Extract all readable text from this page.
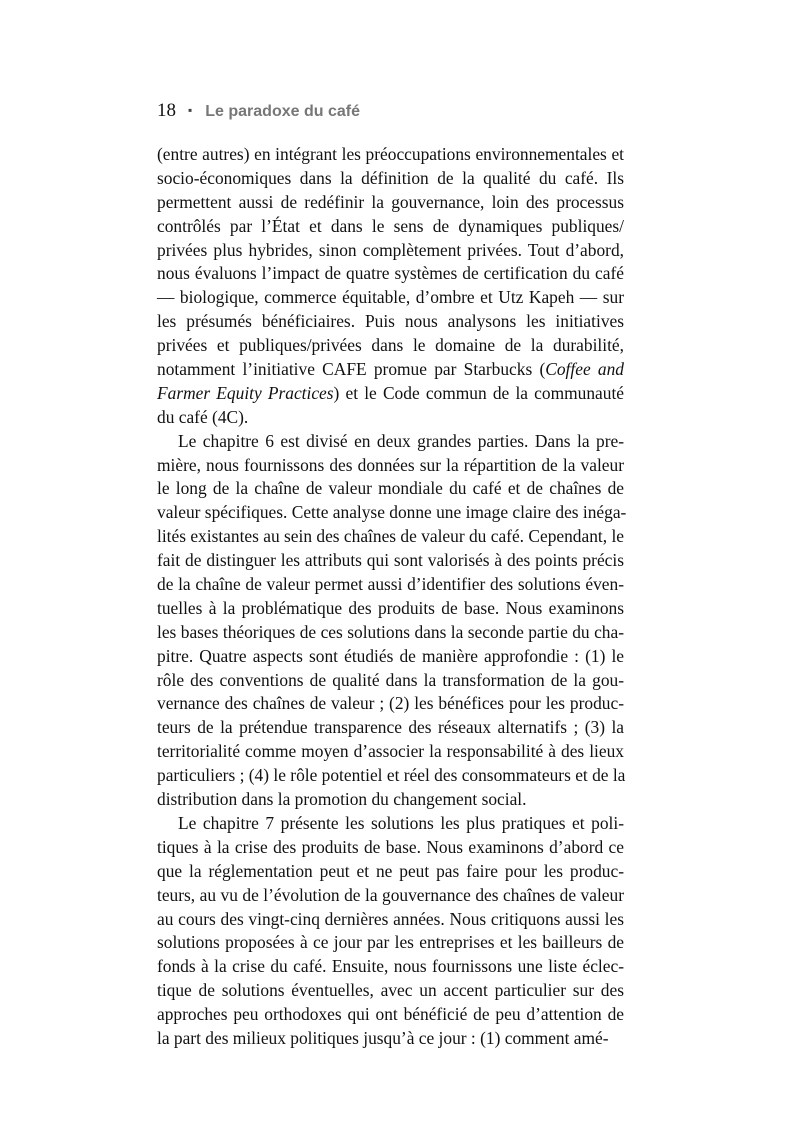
18 ▪ Le paradoxe du café
(entre autres) en intégrant les préoccupations environnementales et
socio-économiques dans la définition de la qualité du café. Ils
permettent aussi de redéfinir la gouvernance, loin des processus
contrôlés par l’État et dans le sens de dynamiques publiques/
privées plus hybrides, sinon complètement privées. Tout d’abord,
nous évaluons l’impact de quatre systèmes de certification du café
— biologique, commerce équitable, d’ombre et Utz Kapeh — sur
les présumés bénéficiaires. Puis nous analysons les initiatives
privées et publiques/privées dans le domaine de la durabilité,
notamment l’initiative CAFE promue par Starbucks (Coffee and
Farmer Equity Practices) et le Code commun de la communauté
du café (4C).
Le chapitre 6 est divisé en deux grandes parties. Dans la pre-
mière, nous fournissons des données sur la répartition de la valeur
le long de la chaîne de valeur mondiale du café et de chaînes de
valeur spécifiques. Cette analyse donne une image claire des inéga-
lités existantes au sein des chaînes de valeur du café. Cependant, le
fait de distinguer les attributs qui sont valorisés à des points précis
de la chaîne de valeur permet aussi d’identifier des solutions éven-
tuelles à la problématique des produits de base. Nous examinons
les bases théoriques de ces solutions dans la seconde partie du cha-
pitre. Quatre aspects sont étudiés de manière approfondie : (1) le
rôle des conventions de qualité dans la transformation de la gou-
vernance des chaînes de valeur ; (2) les bénéfices pour les produc-
teurs de la prétendue transparence des réseaux alternatifs ; (3) la
territorialité comme moyen d’associer la responsabilité à des lieux
particuliers ; (4) le rôle potentiel et réel des consommateurs et de la
distribution dans la promotion du changement social.
Le chapitre 7 présente les solutions les plus pratiques et poli-
tiques à la crise des produits de base. Nous examinons d’abord ce
que la réglementation peut et ne peut pas faire pour les produc-
teurs, au vu de l’évolution de la gouvernance des chaînes de valeur
au cours des vingt-cinq dernières années. Nous critiquons aussi les
solutions proposées à ce jour par les entreprises et les bailleurs de
fonds à la crise du café. Ensuite, nous fournissons une liste éclec-
tique de solutions éventuelles, avec un accent particulier sur des
approches peu orthodoxes qui ont bénéficié de peu d’attention de
la part des milieux politiques jusqu’à ce jour : (1) comment amé-
